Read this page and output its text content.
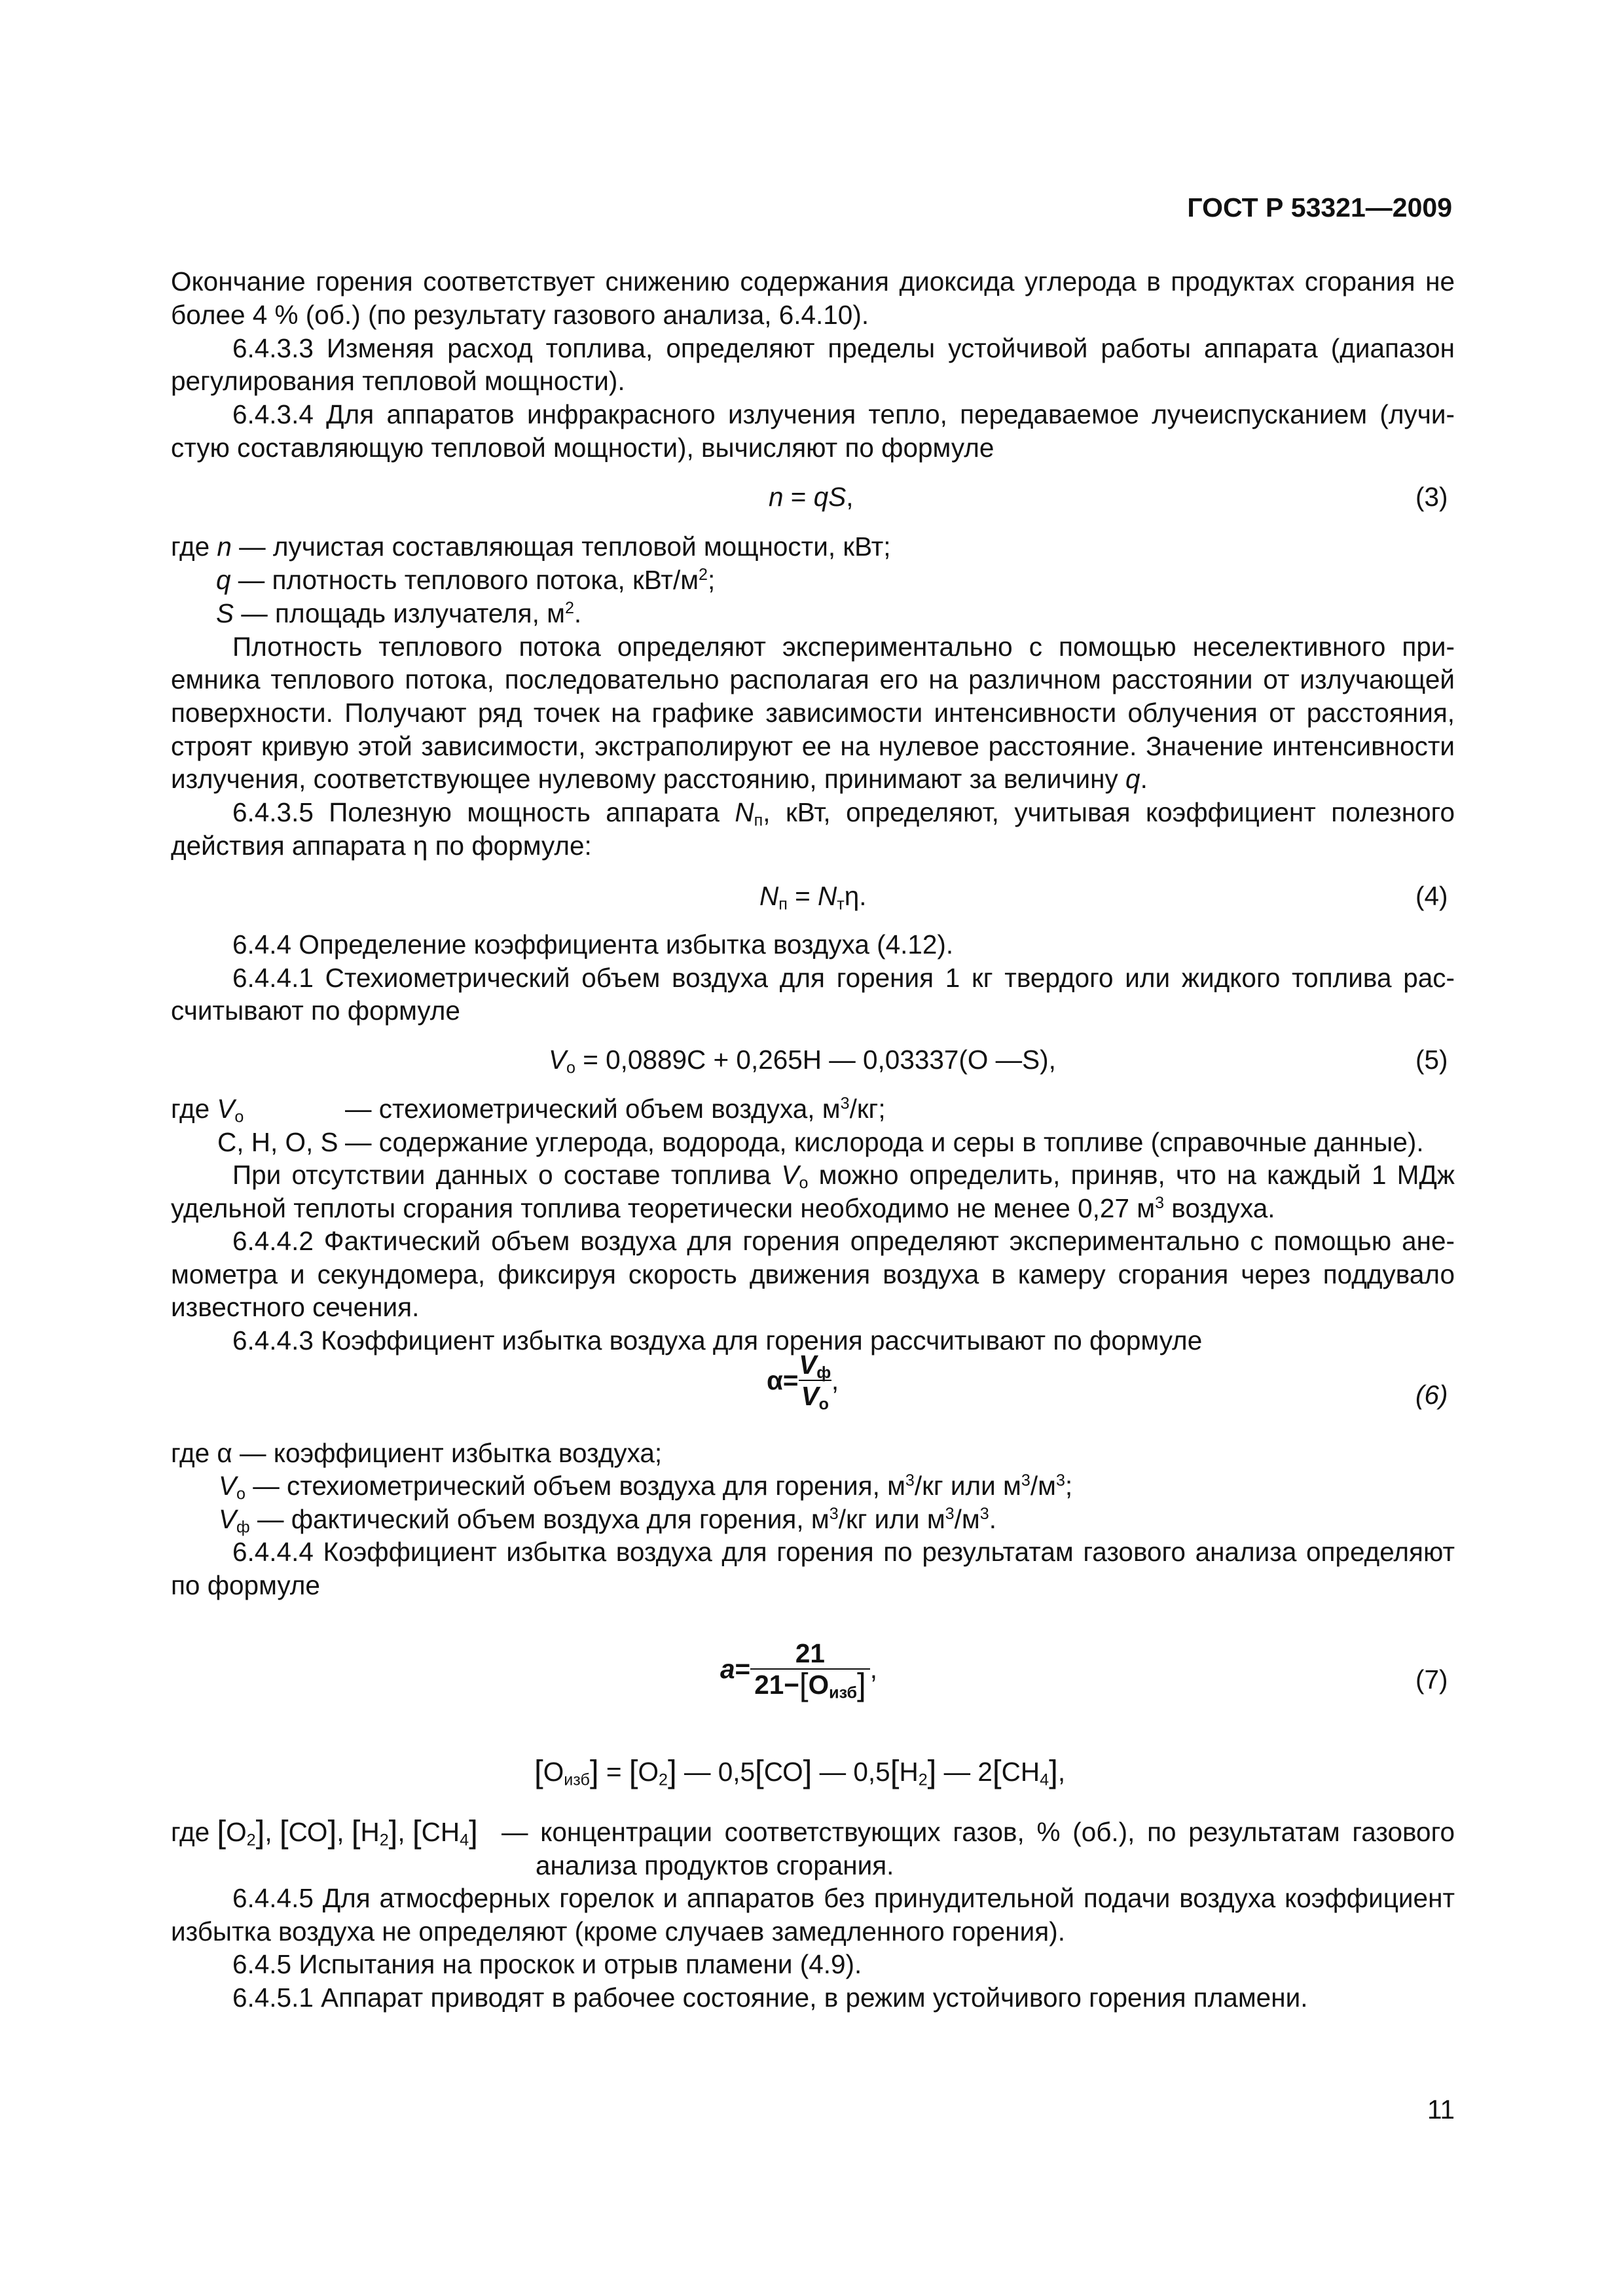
ГОСТ Р 53321—2009
Окончание горения соответствует снижению содержания диоксида углерода в продуктах сгорания не
более 4 % (об.) (по результату газового анализа, 6.4.10).
6.4.3.3 Изменяя расход топлива, определяют пределы устойчивой работы аппарата (диапазон
регулирования тепловой мощности).
6.4.3.4 Для аппаратов инфракрасного излучения тепло, передаваемое лучеиспусканием (лучи-
стую составляющую тепловой мощности), вычисляют по формуле
n = qS,	(3)
где n — лучистая составляющая тепловой мощности, кВт;
q — плотность теплового потока, кВт/$м^2$;
S — площадь излучателя, $м^2$.
Плотность теплового потока определяют экспериментально с помощью неселективного при-
емника теплового потока, последовательно располагая его на различном расстоянии от излучающей
поверхности. Получают ряд точек на графике зависимости интенсивности облучения от расстояния,
строят кривую этой зависимости, экстраполируют ее на нулевое расстояние. Значение интенсивности
излучения, соответствующее нулевому расстоянию, принимают за величину q.
6.4.3.5 Полезную мощность аппарата $N_п$, кВт, определяют, учитывая коэффициент полезного
действия аппарата η по формуле:
$N_п = N_т\eta$.	(4)
6.4.4 Определение коэффициента избытка воздуха (4.12).
6.4.4.1 Стехиометрический объем воздуха для горения 1 кг твердого или жидкого топлива рас-
считывают по формуле
$V_о = 0,0889С + 0,265Н$ — 0,03337(О —S),	(5)
где $V_о$	— стехиометрический объем воздуха, $м^3/кг$;
С, Н, О, S — содержание углерода, водорода, кислорода и серы в топливе (справочные данные).
При отсутствии данных о составе топлива $V_о$ можно определить, приняв, что на каждый 1 МДж
удельной теплоты сгорания топлива теоретически необходимо не менее 0,27 $м^3$ воздуха.
6.4.4.2 Фактический объем воздуха для горения определяют экспериментально с помощью ане-
мометра и секундомера, фиксируя скорость движения воздуха в камеру сгорания через поддувало
известного сечения.
6.4.4.3 Коэффициент избытка воздуха для горения рассчитывают по формуле
$\alpha = \frac{V_ф}{V_о}$ ,	(6)
где α — коэффициент избытка воздуха;
$V_о$ — стехиометрический объем воздуха для горения, $м^3/кг$ или $м^3/м^3$;
$V_ф$ — фактический объем воздуха для горения, $м^3/кг$ или $м^3/м^3$.
6.4.4.4 Коэффициент избытка воздуха для горения по результатам газового анализа определяют
по формуле
$a = \frac{21}{21-[О_{изб}]}$ ,	(7)
$[О_{изб}] = [О_2]$ — 0,5[СО] — $0,5[Н_2]$ — $2[СН_4]$,
где $[О_2]$, [СО], $[Н_2]$, $[СН_4]$ — концентрации соответствующих газов, % (об.), по результатам газового
анализа продуктов сгорания.
6.4.4.5 Для атмосферных горелок и аппаратов без принудительной подачи воздуха коэффициент
избытка воздуха не определяют (кроме случаев замедленного горения).
6.4.5 Испытания на проскок и отрыв пламени (4.9).
6.4.5.1 Аппарат приводят в рабочее состояние, в режим устойчивого горения пламени.
11
